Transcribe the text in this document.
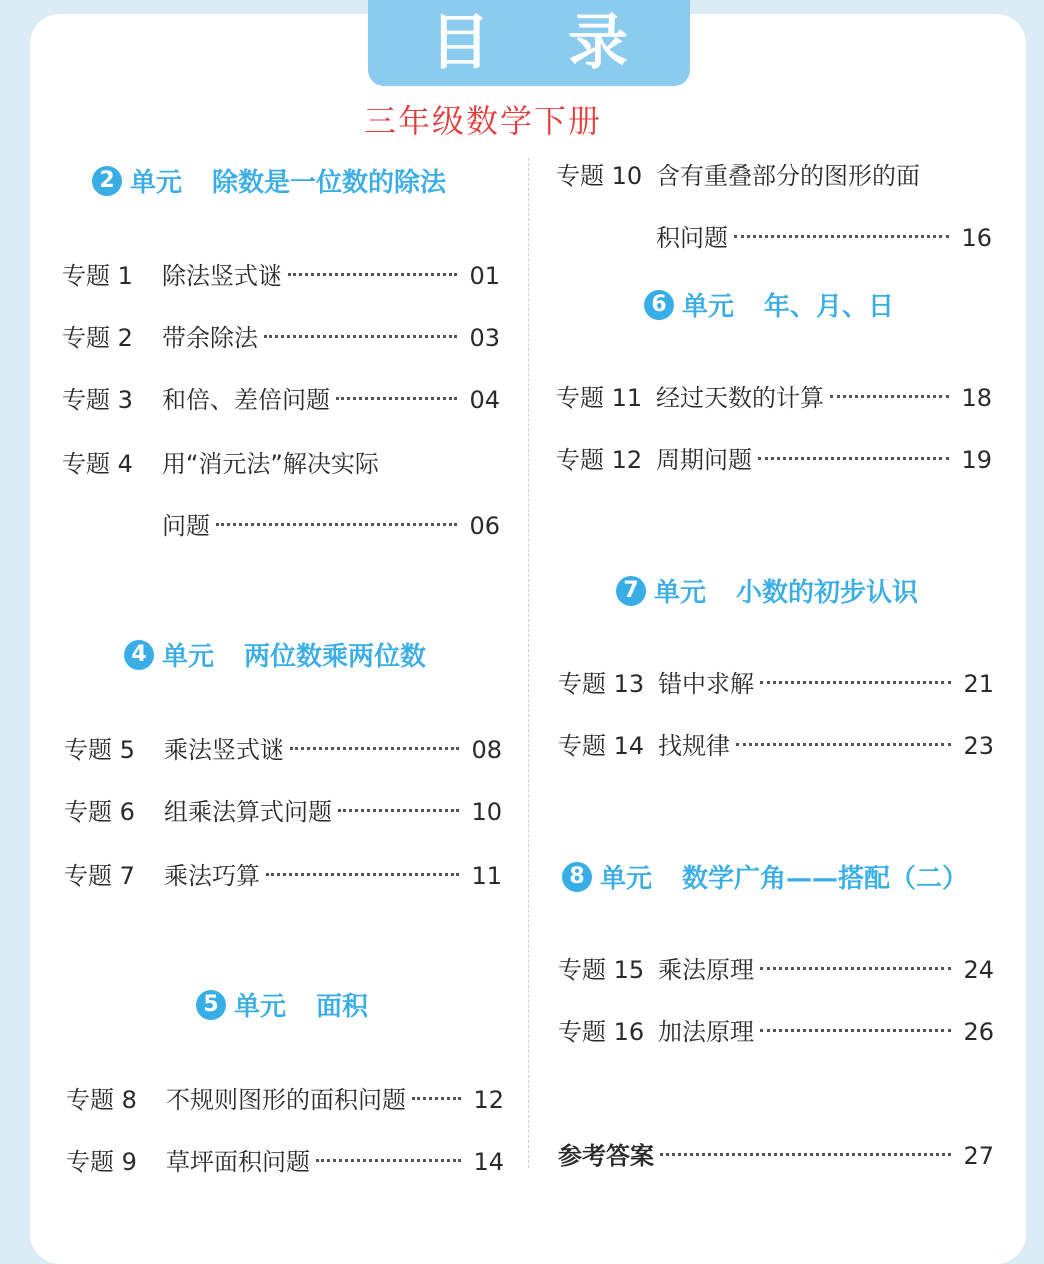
目 录
三年级数学下册
2 单元 除数是一位数的除法
专题 1	除法竖式谜	01
专题 2	带余除法	03
专题 3	和倍、差倍问题	04
专题 4	用“消元法”解决实际
问题	06
4 单元 两位数乘两位数
专题 5	乘法竖式谜	08
专题 6	组乘法算式问题	10
专题 7	乘法巧算	11
5 单元 面积
专题 8	不规则图形的面积问题	12
专题 9	草坪面积问题	14
专题 10 含有重叠部分的图形的面
积问题	16
6 单元 年、月、日
专题 11 经过天数的计算	18
专题 12 周期问题	19
7 单元 小数的初步认识
专题 13 错中求解	21
专题 14 找规律	23
8 单元 数学广角——搭配（二）
专题 15 乘法原理	24
专题 16 加法原理	26
参考答案	27
